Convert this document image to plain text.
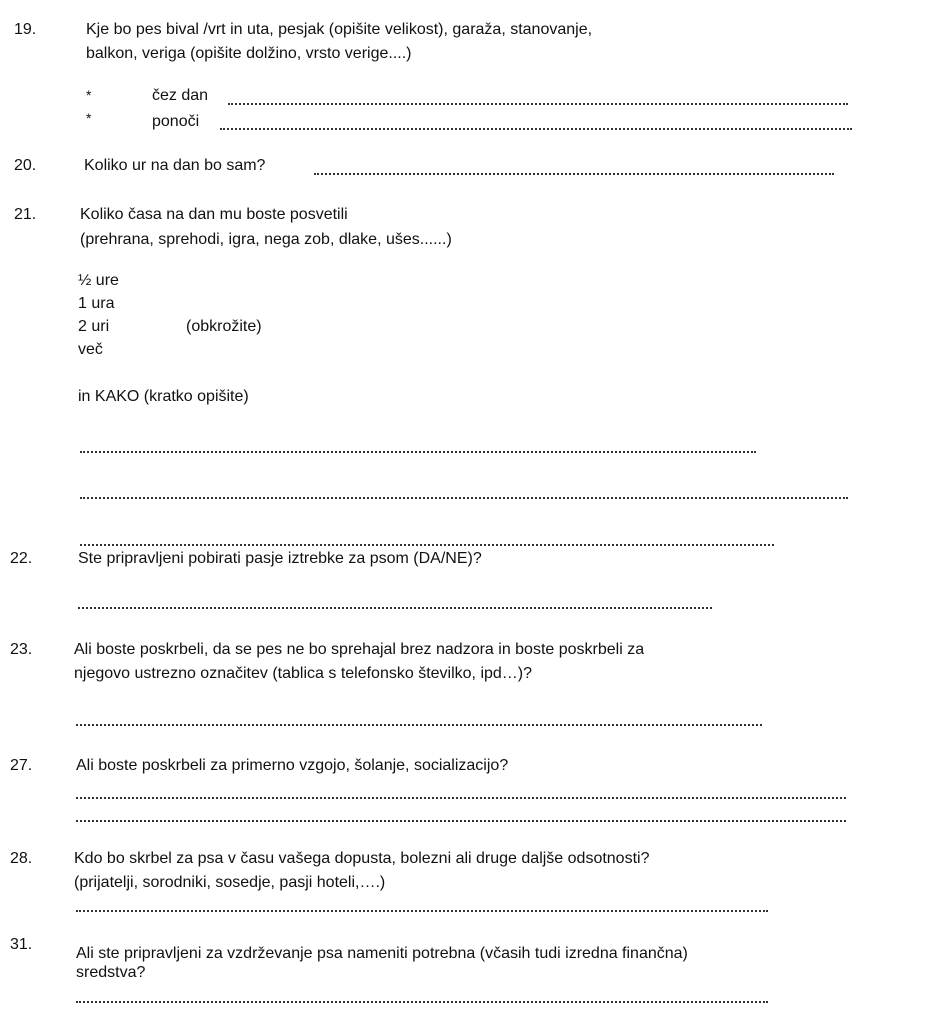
19.	Kje bo pes bival /vrt in uta, pesjak (opišite velikost), garaža, stanovanje,
balkon, veriga (opišite dolžino, vrsto verige....)
*	čez dan
*	ponoči
20.	Koliko ur na dan bo sam?
21.	Koliko časa na dan mu boste posvetili
(prehrana, sprehodi, igra, nega zob, dlake, ušes......)
½ ure
1 ura
2 uri	(obkrožite)
več
in KAKO (kratko opišite)
22.	Ste pripravljeni pobirati pasje iztrebke za psom (DA/NE)?
23.	Ali boste poskrbeli, da se pes ne bo sprehajal brez nadzora in boste poskrbeli za
njegovo ustrezno označitev (tablica s telefonsko številko, ipd…)?
27.	Ali boste poskrbeli za primerno vzgojo, šolanje, socializacijo?
28.	Kdo bo skrbel za psa v času vašega dopusta, bolezni ali druge daljše odsotnosti?
(prijatelji, sorodniki, sosedje, pasji hoteli,….)
31.
Ali ste pripravljeni za vzdrževanje psa nameniti potrebna (včasih tudi izredna finančna)
sredstva?
